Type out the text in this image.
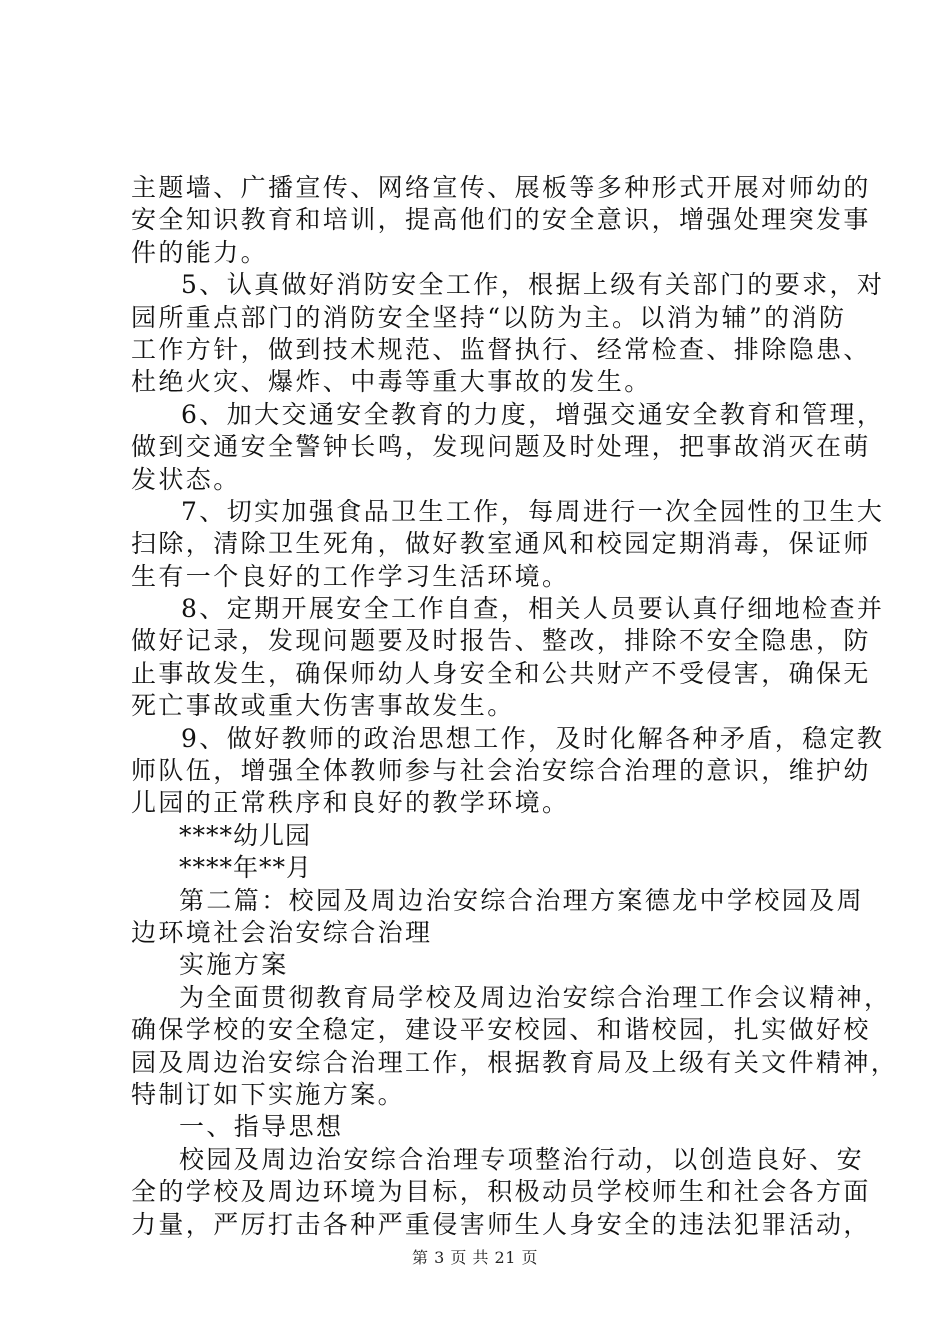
主题墙、广播宣传、网络宣传、展板等多种形式开展对师幼的
安全知识教育和培训，提高他们的安全意识，增强处理突发事
件的能力。
5、认真做好消防安全工作，根据上级有关部门的要求，对
园所重点部门的消防安全坚持“以防为主。以消为辅”的消防
工作方针，做到技术规范、监督执行、经常检查、排除隐患、
杜绝火灾、爆炸、中毒等重大事故的发生。
6、加大交通安全教育的力度，增强交通安全教育和管理，
做到交通安全警钟长鸣，发现问题及时处理，把事故消灭在萌
发状态。
7、切实加强食品卫生工作，每周进行一次全园性的卫生大
扫除，清除卫生死角，做好教室通风和校园定期消毒，保证师
生有一个良好的工作学习生活环境。
8、定期开展安全工作自查，相关人员要认真仔细地检查并
做好记录，发现问题要及时报告、整改，排除不安全隐患，防
止事故发生，确保师幼人身安全和公共财产不受侵害，确保无
死亡事故或重大伤害事故发生。
9、做好教师的政治思想工作，及时化解各种矛盾，稳定教
师队伍，增强全体教师参与社会治安综合治理的意识，维护幼
儿园的正常秩序和良好的教学环境。
****幼儿园
****年**月
第二篇：校园及周边治安综合治理方案德龙中学校园及周
边环境社会治安综合治理
实施方案
为全面贯彻教育局学校及周边治安综合治理工作会议精神，
确保学校的安全稳定，建设平安校园、和谐校园，扎实做好校
园及周边治安综合治理工作，根据教育局及上级有关文件精神，
特制订如下实施方案。
一、指导思想
校园及周边治安综合治理专项整治行动，以创造良好、安
全的学校及周边环境为目标，积极动员学校师生和社会各方面
力量，严厉打击各种严重侵害师生人身安全的违法犯罪活动，
第 3 页 共 21 页
